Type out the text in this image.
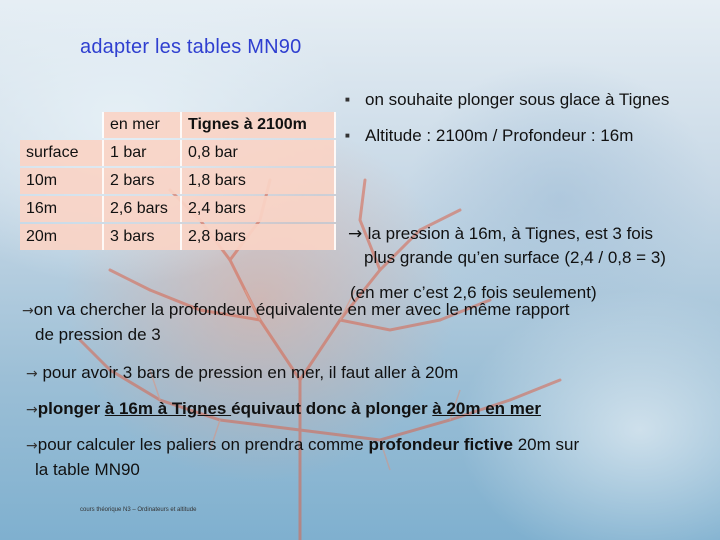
adapter les tables MN90
	en mer	Tignes à 2100m
surface	1 bar	0,8 bar
10m	2 bars	1,8 bars
16m	2,6 bars	2,4 bars
20m	3 bars	2,8 bars
■ on souhaite plonger sous glace à Tignes
■ Altitude : 2100m / Profondeur : 16m
→ la pression à 16m, à Tignes, est 3 fois
plus grande qu’en surface (2,4 / 0,8 = 3)
(en mer c’est 2,6 fois seulement)
→on va chercher la profondeur équivalente en mer avec le même rapport
de pression de 3
→ pour avoir 3 bars de pression en mer, il faut aller à 20m
→plonger à 16m à Tignes équivaut donc à plonger à 20m en mer
→pour calculer les paliers on prendra comme profondeur fictive 20m sur
la table MN90
cours théorique N3 – Ordinateurs et altitude
